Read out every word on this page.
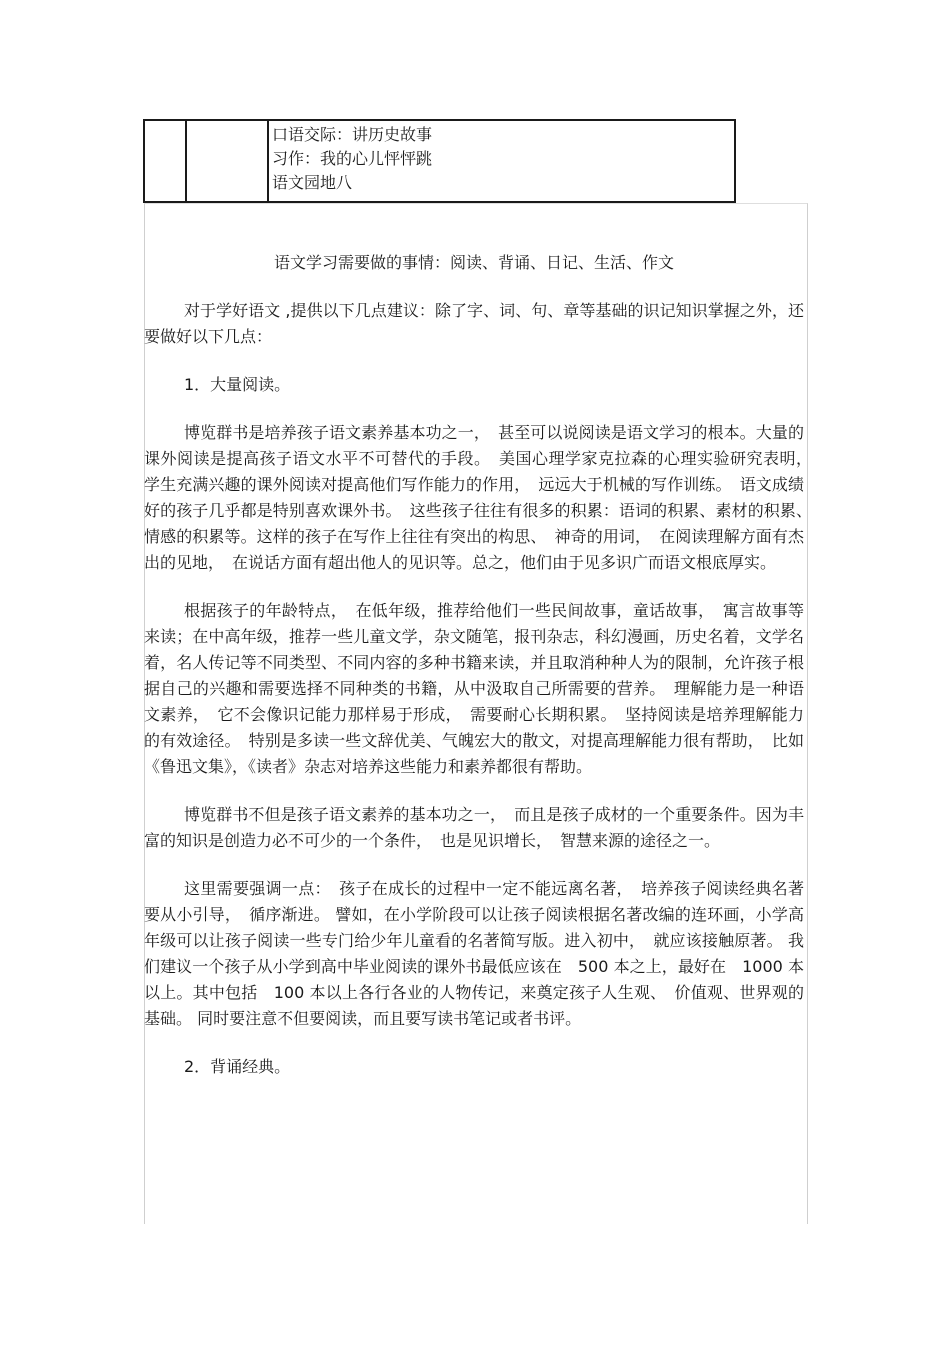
口语交际：讲历史故事
习作：我的心儿怦怦跳
语文园地八

语文学习需要做的事情：阅读、背诵、日记、生活、作文

对于学好语文 ,提供以下几点建议：除了字、词、句、章等基础的识记知识掌握之外，还要做好以下几点：

1．大量阅读。

博览群书是培养孩子语文素养基本功之一，　甚至可以说阅读是语文学习的根本。大量的课外阅读是提高孩子语文水平不可替代的手段。　美国心理学家克拉森的心理实验研究表明，　学生充满兴趣的课外阅读对提高他们写作能力的作用，　远远大于机械的写作训练。　语文成绩好的孩子几乎都是特别喜欢课外书。　这些孩子往往有很多的积累：语词的积累、素材的积累、　情感的积累等。这样的孩子在写作上往往有突出的构思、　神奇的用词，　在阅读理解方面有杰出的见地，　在说话方面有超出他人的见识等。总之，他们由于见多识广而语文根底厚实。

根据孩子的年龄特点，　在低年级，推荐给他们一些民间故事，童话故事，　寓言故事等来读；在中高年级，推荐一些儿童文学，杂文随笔，报刊杂志，科幻漫画，历史名着，文学名着，名人传记等不同类型、不同内容的多种书籍来读，并且取消种种人为的限制，允许孩子根据自己的兴趣和需要选择不同种类的书籍，从中汲取自己所需要的营养。　理解能力是一种语文素养，　它不会像识记能力那样易于形成，　需要耐心长期积累。　坚持阅读是培养理解能力的有效途径。　特别是多读一些文辞优美、气魄宏大的散文，对提高理解能力很有帮助，　比如《鲁迅文集》，《读者》杂志对培养这些能力和素养都很有帮助。

博览群书不但是孩子语文素养的基本功之一，　而且是孩子成材的一个重要条件。因为丰富的知识是创造力必不可少的一个条件，　也是见识增长，　智慧来源的途径之一。

这里需要强调一点：　孩子在成长的过程中一定不能远离名著，　培养孩子阅读经典名著要从小引导，　循序渐进。 譬如，在小学阶段可以让孩子阅读根据名著改编的连环画，小学高年级可以让孩子阅读一些专门给少年儿童看的名著简写版。进入初中，　就应该接触原著。 我们建议一个孩子从小学到高中毕业阅读的课外书最低应该在　500 本之上，最好在　1000 本以上。其中包括　100 本以上各行各业的人物传记，来奠定孩子人生观、　价值观、世界观的基础。 同时要注意不但要阅读，而且要写读书笔记或者书评。

2．背诵经典。
